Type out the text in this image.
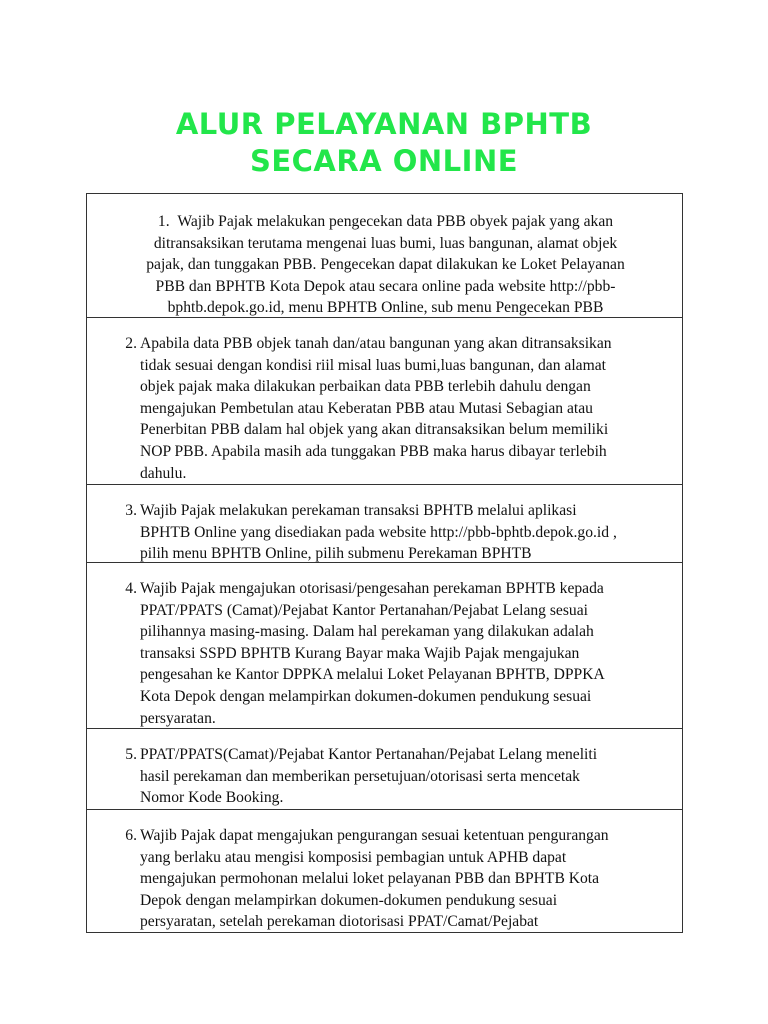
ALUR PELAYANAN BPHTB
SECARA ONLINE
1. Wajib Pajak melakukan pengecekan data PBB obyek pajak yang akan
ditransaksikan terutama mengenai luas bumi, luas bangunan, alamat objek
pajak, dan tunggakan PBB. Pengecekan dapat dilakukan ke Loket Pelayanan
PBB dan BPHTB Kota Depok atau secara online pada website http://pbb-
bphtb.depok.go.id, menu BPHTB Online, sub menu Pengecekan PBB
2. Apabila data PBB objek tanah dan/atau bangunan yang akan ditransaksikan
tidak sesuai dengan kondisi riil misal luas bumi,luas bangunan, dan alamat
objek pajak maka dilakukan perbaikan data PBB terlebih dahulu dengan
mengajukan Pembetulan atau Keberatan PBB atau Mutasi Sebagian atau
Penerbitan PBB dalam hal objek yang akan ditransaksikan belum memiliki
NOP PBB. Apabila masih ada tunggakan PBB maka harus dibayar terlebih
dahulu.
3. Wajib Pajak melakukan perekaman transaksi BPHTB melalui aplikasi
BPHTB Online yang disediakan pada website http://pbb-bphtb.depok.go.id ,
pilih menu BPHTB Online, pilih submenu Perekaman BPHTB
4. Wajib Pajak mengajukan otorisasi/pengesahan perekaman BPHTB kepada
PPAT/PPATS (Camat)/Pejabat Kantor Pertanahan/Pejabat Lelang sesuai
pilihannya masing-masing. Dalam hal perekaman yang dilakukan adalah
transaksi SSPD BPHTB Kurang Bayar maka Wajib Pajak mengajukan
pengesahan ke Kantor DPPKA melalui Loket Pelayanan BPHTB, DPPKA
Kota Depok dengan melampirkan dokumen-dokumen pendukung sesuai
persyaratan.
5. PPAT/PPATS(Camat)/Pejabat Kantor Pertanahan/Pejabat Lelang meneliti
hasil perekaman dan memberikan persetujuan/otorisasi serta mencetak
Nomor Kode Booking.
6. Wajib Pajak dapat mengajukan pengurangan sesuai ketentuan pengurangan
yang berlaku atau mengisi komposisi pembagian untuk APHB dapat
mengajukan permohonan melalui loket pelayanan PBB dan BPHTB Kota
Depok dengan melampirkan dokumen-dokumen pendukung sesuai
persyaratan, setelah perekaman diotorisasi PPAT/Camat/Pejabat
